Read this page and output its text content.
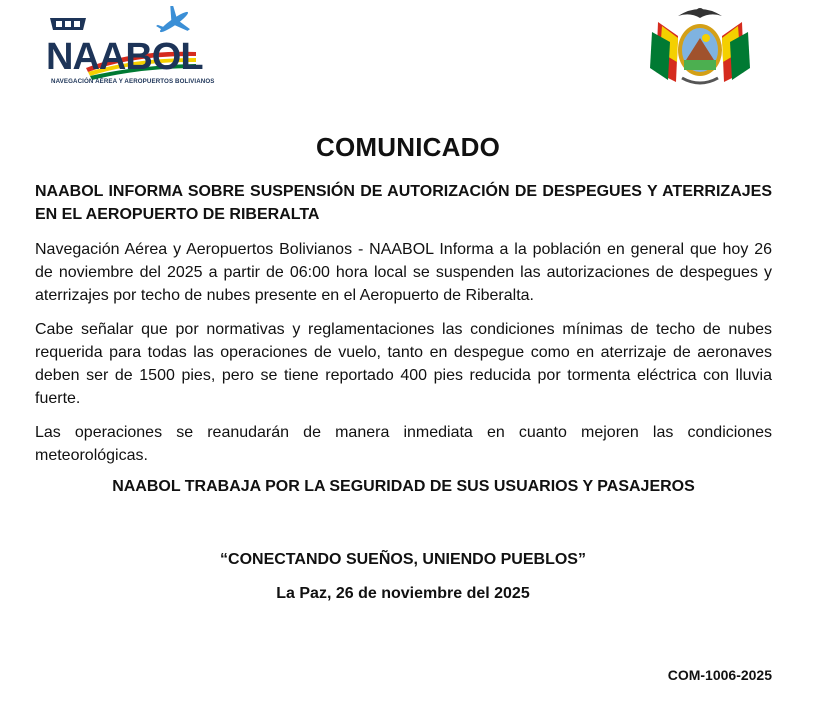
NAABOL
NAVEGACIÓN AÉREA Y AEROPUERTOS BOLIVIANOS
COMUNICADO
NAABOL INFORMA SOBRE SUSPENSIÓN DE AUTORIZACIÓN DE DESPEGUES Y ATERRIZAJES EN EL AEROPUERTO DE RIBERALTA

Navegación Aérea y Aeropuertos Bolivianos - NAABOL Informa a la población en general que hoy 26 de noviembre del 2025 a partir de 06:00 hora local se suspenden las autorizaciones de despegues y aterrizajes por techo de nubes presente en el Aeropuerto de Riberalta.

Cabe señalar que por normativas y reglamentaciones las condiciones mínimas de techo de nubes requerida para todas las operaciones de vuelo, tanto en despegue como en aterrizaje de aeronaves deben ser de 1500 pies, pero se tiene reportado 400 pies reducida por tormenta eléctrica con lluvia fuerte.

Las operaciones se reanudarán de manera inmediata en cuanto mejoren las condiciones meteorológicas.

NAABOL TRABAJA POR LA SEGURIDAD DE SUS USUARIOS Y PASAJEROS
“CONECTANDO SUEÑOS, UNIENDO PUEBLOS”
La Paz, 26 de noviembre del 2025
COM-1006-2025
